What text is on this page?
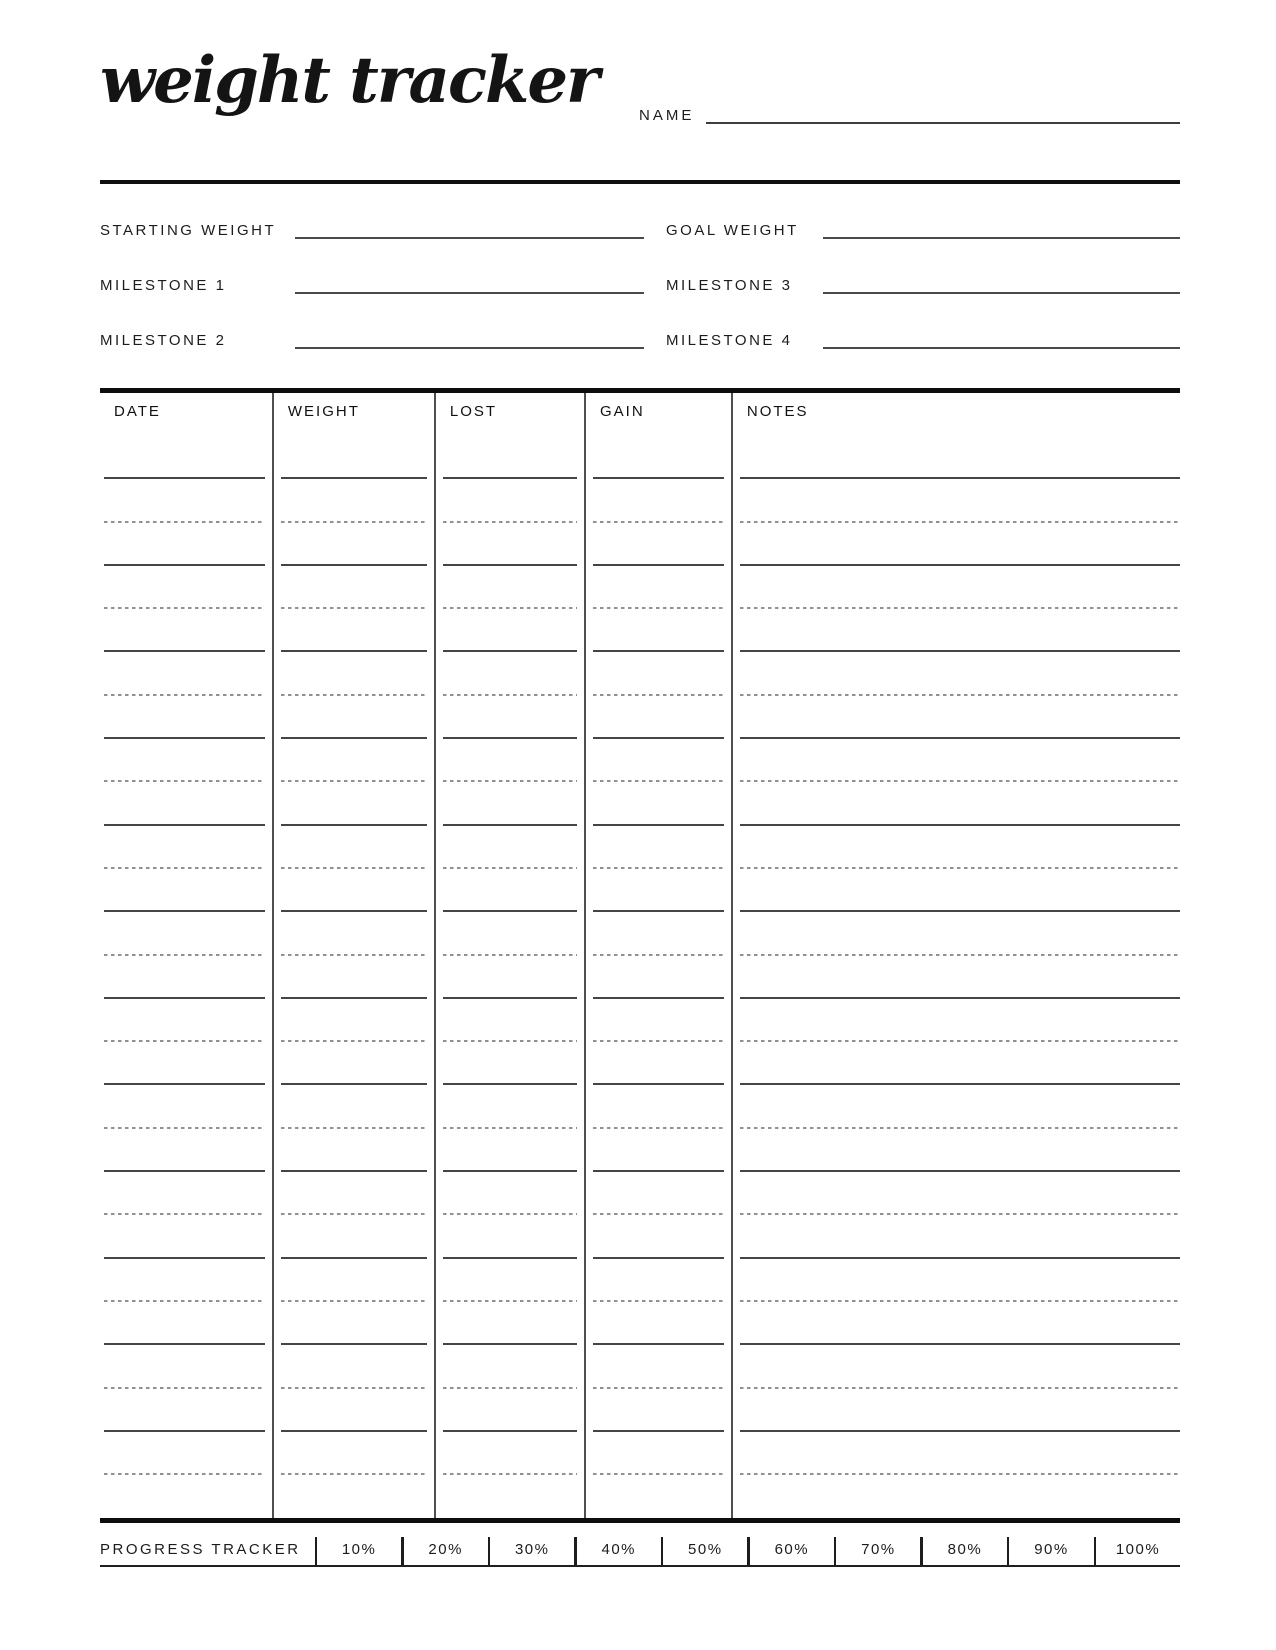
weight tracker	NAME
STARTING WEIGHT
MILESTONE 1
MILESTONE 2
GOAL WEIGHT
MILESTONE 3
MILESTONE 4
DATE	WEIGHT	LOST	GAIN	NOTES
PROGRESS TRACKER	10%	20%	30%	40%	50%	60%	70%	80%	90%	100%
